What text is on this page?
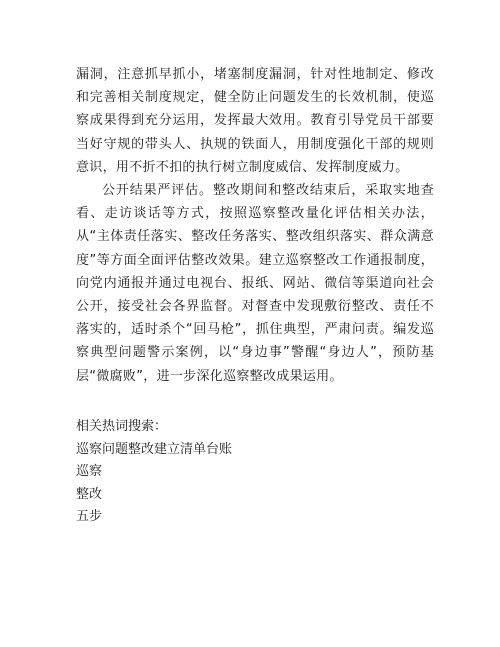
漏洞，注意抓早抓小，堵塞制度漏洞，针对性地制定、修改和完善相关制度规定，健全防止问题发生的长效机制，使巡察成果得到充分运用，发挥最大效用。教育引导党员干部要当好守规的带头人、执规的铁面人，用制度强化干部的规则意识，用不折不扣的执行树立制度威信、发挥制度威力。

公开结果严评估。整改期间和整改结束后，采取实地查看、走访谈话等方式，按照巡察整改量化评估相关办法，从“主体责任落实、整改任务落实、整改组织落实、群众满意度”等方面全面评估整改效果。建立巡察整改工作通报制度，向党内通报并通过电视台、报纸、网站、微信等渠道向社会公开，接受社会各界监督。对督查中发现敷衍整改、责任不落实的，适时杀个“回马枪”，抓住典型，严肃问责。编发巡察典型问题警示案例，以“身边事”警醒“身边人”，预防基层“微腐败”，进一步深化巡察整改成果运用。

相关热词搜索：
巡察问题整改建立清单台账
巡察
整改
五步
